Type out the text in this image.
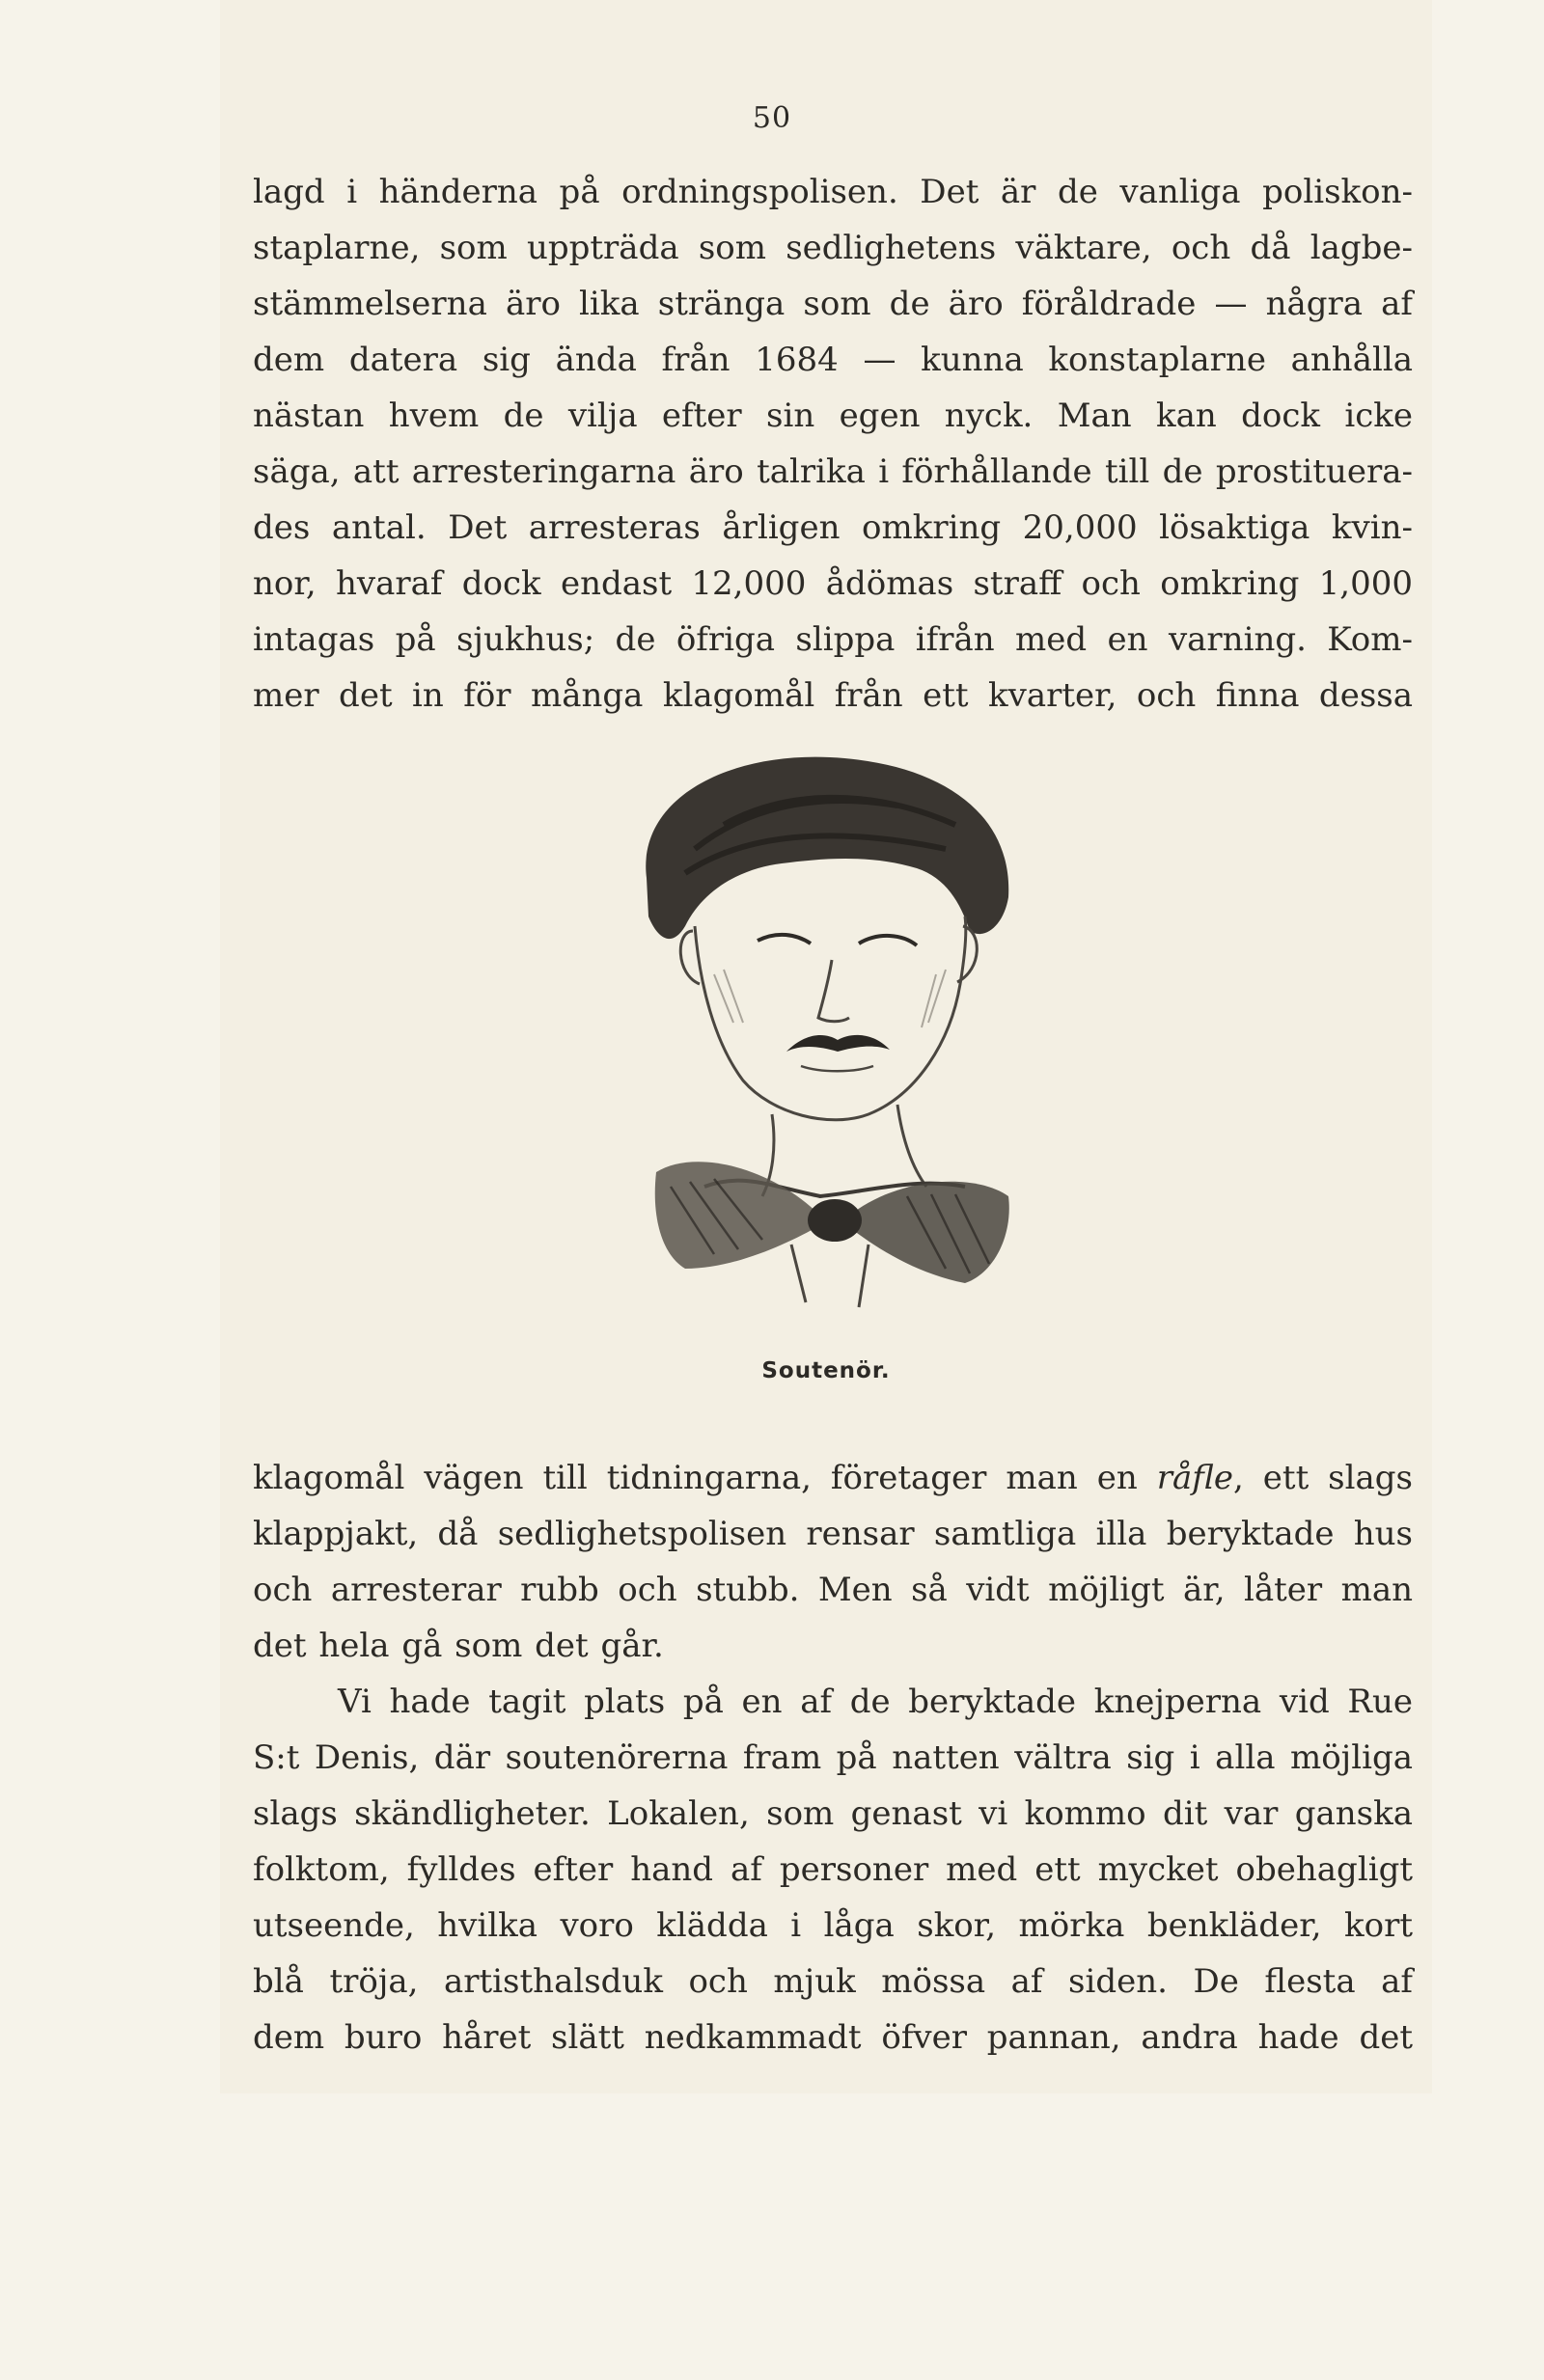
50
lagd i händerna på ordningspolisen. Det är de vanliga poliskon-
staplarne, som uppträda som sedlighetens väktare, och då lagbe-
stämmelserna äro lika stränga som de äro föråldrade — några af
dem datera sig ända från 1684 — kunna konstaplarne anhålla
nästan hvem de vilja efter sin egen nyck. Man kan dock icke
säga, att arresteringarna äro talrika i förhållande till de prostituera-
des antal. Det arresteras årligen omkring 20,000 lösaktiga kvin-
nor, hvaraf dock endast 12,000 ådömas straff och omkring 1,000
intagas på sjukhus; de öfriga slippa ifrån med en varning. Kom-
mer det in för många klagomål från ett kvarter, och finna dessa
Soutenör.
klagomål vägen till tidningarna, företager man en råfle, ett slags
klappjakt, då sedlighetspolisen rensar samtliga illa beryktade hus
och arresterar rubb och stubb. Men så vidt möjligt är, låter man
det hela gå som det går.
Vi hade tagit plats på en af de beryktade knejperna vid Rue
S:t Denis, där soutenörerna fram på natten vältra sig i alla möjliga
slags skändligheter. Lokalen, som genast vi kommo dit var ganska
folktom, fylldes efter hand af personer med ett mycket obehagligt
utseende, hvilka voro klädda i låga skor, mörka benkläder, kort
blå tröja, artisthalsduk och mjuk mössa af siden. De flesta af
dem buro håret slätt nedkammadt öfver pannan, andra hade det
